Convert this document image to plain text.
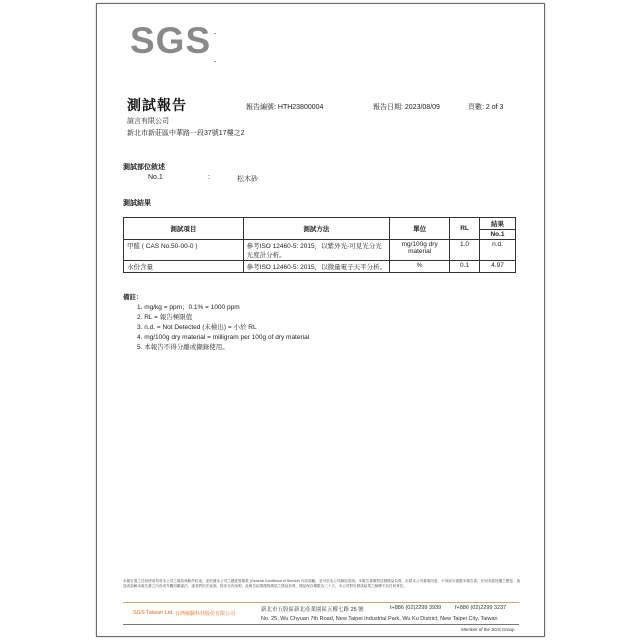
SGS
測試報告	報告編號: HTH23800004	報告日期: 2023/08/09	頁數: 2 of 3
諠言有限公司
新北市新莊區中華路一段37號17樓之2
測試部位敘述
No.1	:	松木砂
測試結果
測試項目	測試方法	單位	RL	結果
				No.1
甲醛 ( CAS No.50-00-0 )	參考ISO 12460-5: 2015，以紫外光-可見光分光光度計分析。	mg/100g dry material	1.0	n.d.
水份含量	參考ISO 12460-5: 2015，以微量電子天平分析。	%	0.1	4.97
備註：
1. mg/kg = ppm；0.1% = 1000 ppm
2. RL = 報告極限值
3. n.d. = Not Detected (未檢出) = 小於 RL
4. mg/100g dry material = milligram per 100g of dry material
5. 本報告不得分離或擷錄使用。
本報告書之任何使用均受本公司之條款與條件約束，並依據本公司之總經營條款 (General Conditions of Service) 內容規範，並可於本公司網站查詢。本報告書僅對送測樣品負責，未經本公司書面同意，不得部分複製本報告書。任何未經授權之變更、偽造或曲解本報告書之內容或外觀均屬違法，違者將依法追訴。除非另有說明，此報告結果僅對測試之樣品負責，樣品保存期限為三十天。本公司對於測試結果之解釋不負任何責任。
SGS Taiwan Ltd. 台灣檢驗科技股份有限公司
新北市五股區新北產業園區五權七路 25 號	t+886 (02)2299 3939	f+886 (02)2299 3237
No. 25, Wu Chyuan 7th Road, New Taipei Industrial Park, Wu Ku District, New Taipei City, Taiwan
Member of the SGS Group
